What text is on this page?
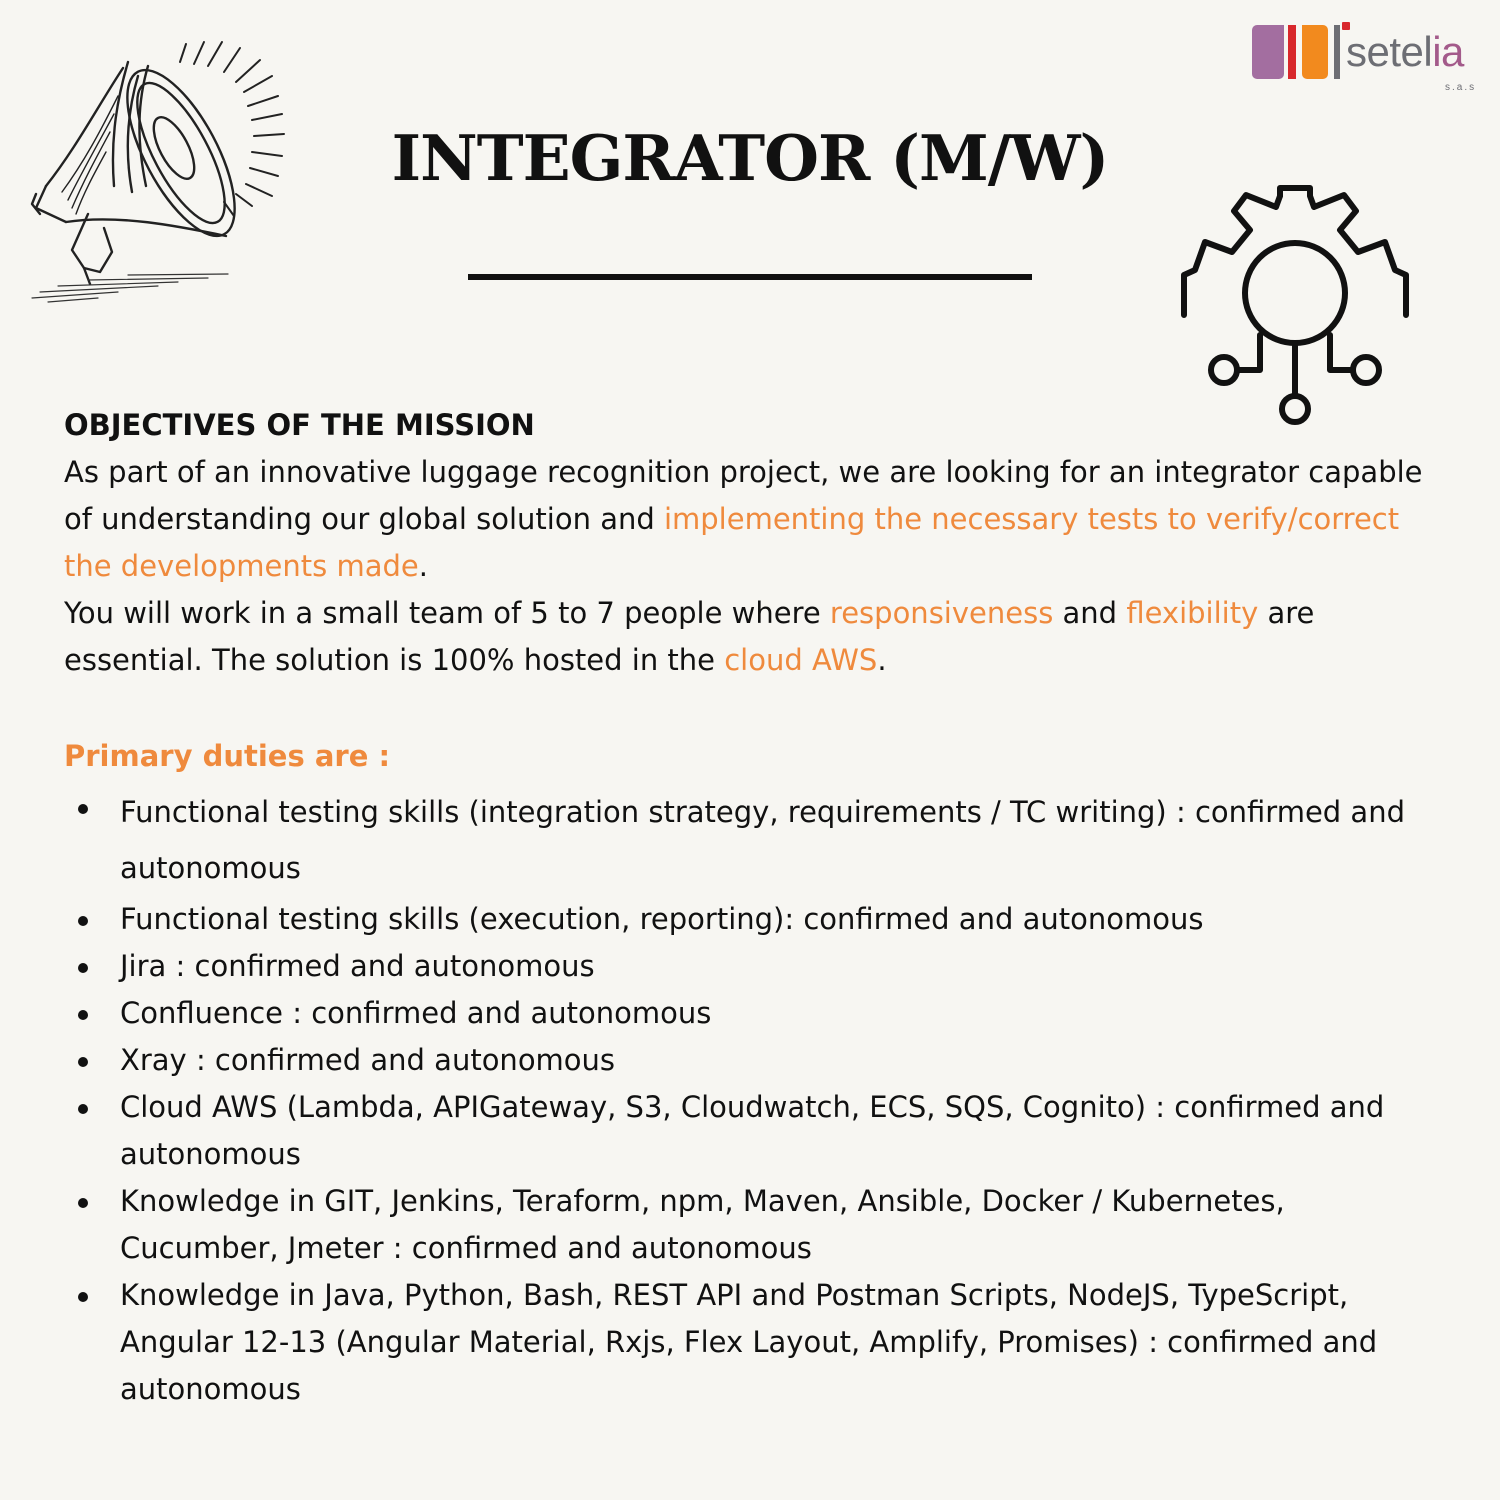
setelia
s.a.s
INTEGRATOR (M/W)
OBJECTIVES OF THE MISSION

As part of an innovative luggage recognition project, we are looking for an integrator capable of understanding our global solution and implementing the necessary tests to verify/correct the developments made.

You will work in a small team of 5 to 7 people where responsiveness and flexibility are essential. The solution is 100% hosted in the cloud AWS.

Primary duties are :
Functional testing skills (integration strategy, requirements / TC writing) : confirmed and autonomous
Functional testing skills (execution, reporting): confirmed and autonomous
Jira : confirmed and autonomous
Confluence : confirmed and autonomous
Xray : confirmed and autonomous
Cloud AWS (Lambda, APIGateway, S3, Cloudwatch, ECS, SQS, Cognito) : confirmed and autonomous
Knowledge in GIT, Jenkins, Teraform, npm, Maven, Ansible, Docker / Kubernetes, Cucumber, Jmeter : confirmed and autonomous
Knowledge in Java, Python, Bash, REST API and Postman Scripts, NodeJS, TypeScript, Angular 12-13 (Angular Material, Rxjs, Flex Layout, Amplify, Promises) : confirmed and autonomous
